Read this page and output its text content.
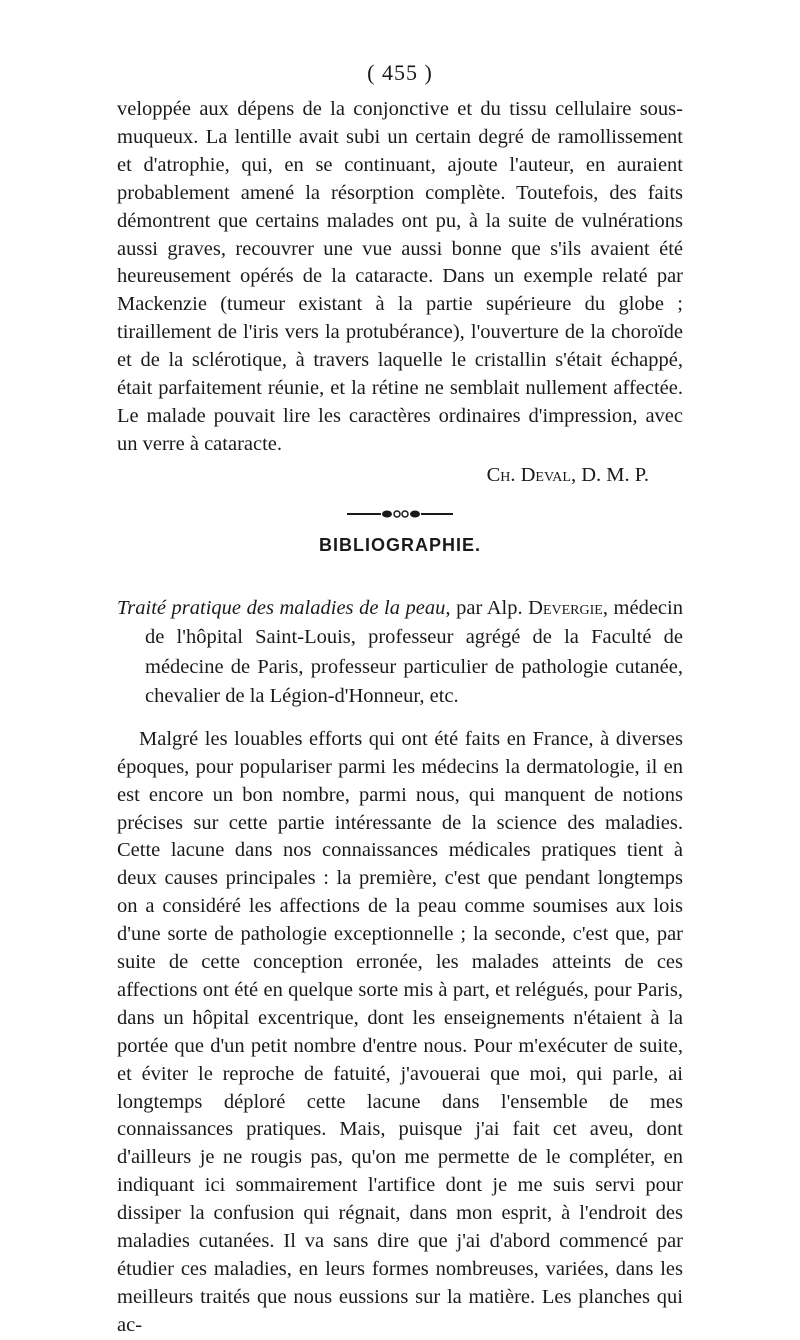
( 455 )

veloppée aux dépens de la conjonctive et du tissu cellulaire sous-muqueux. La lentille avait subi un certain degré de ramollissement et d'atrophie, qui, en se continuant, ajoute l'auteur, en auraient probablement amené la résorption complète. Toutefois, des faits démontrent que certains malades ont pu, à la suite de vulnérations aussi graves, recouvrer une vue aussi bonne que s'ils avaient été heureusement opérés de la cataracte. Dans un exemple relaté par Mackenzie (tumeur existant à la partie supérieure du globe ; tiraillement de l'iris vers la protubérance), l'ouverture de la choroïde et de la sclérotique, à travers laquelle le cristallin s'était échappé, était parfaitement réunie, et la rétine ne semblait nullement affectée. Le malade pouvait lire les caractères ordinaires d'impression, avec un verre à cataracte.

Ch. Deval, D. M. P.

BIBLIOGRAPHIE.

Traité pratique des maladies de la peau, par Alp. Devergie, médecin de l'hôpital Saint-Louis, professeur agrégé de la Faculté de médecine de Paris, professeur particulier de pathologie cutanée, chevalier de la Légion-d'Honneur, etc.

Malgré les louables efforts qui ont été faits en France, à diverses époques, pour populariser parmi les médecins la dermatologie, il en est encore un bon nombre, parmi nous, qui manquent de notions précises sur cette partie intéressante de la science des maladies. Cette lacune dans nos connaissances médicales pratiques tient à deux causes principales : la première, c'est que pendant longtemps on a considéré les affections de la peau comme soumises aux lois d'une sorte de pathologie exceptionnelle ; la seconde, c'est que, par suite de cette conception erronée, les malades atteints de ces affections ont été en quelque sorte mis à part, et relégués, pour Paris, dans un hôpital excentrique, dont les enseignements n'étaient à la portée que d'un petit nombre d'entre nous. Pour m'exécuter de suite, et éviter le reproche de fatuité, j'avouerai que moi, qui parle, ai longtemps déploré cette lacune dans l'ensemble de mes connaissances pratiques. Mais, puisque j'ai fait cet aveu, dont d'ailleurs je ne rougis pas, qu'on me permette de le compléter, en indiquant ici sommairement l'artifice dont je me suis servi pour dissiper la confusion qui régnait, dans mon esprit, à l'endroit des maladies cutanées. Il va sans dire que j'ai d'abord commencé par étudier ces maladies, en leurs formes nombreuses, variées, dans les meilleurs traités que nous eussions sur la matière. Les planches qui ac-
